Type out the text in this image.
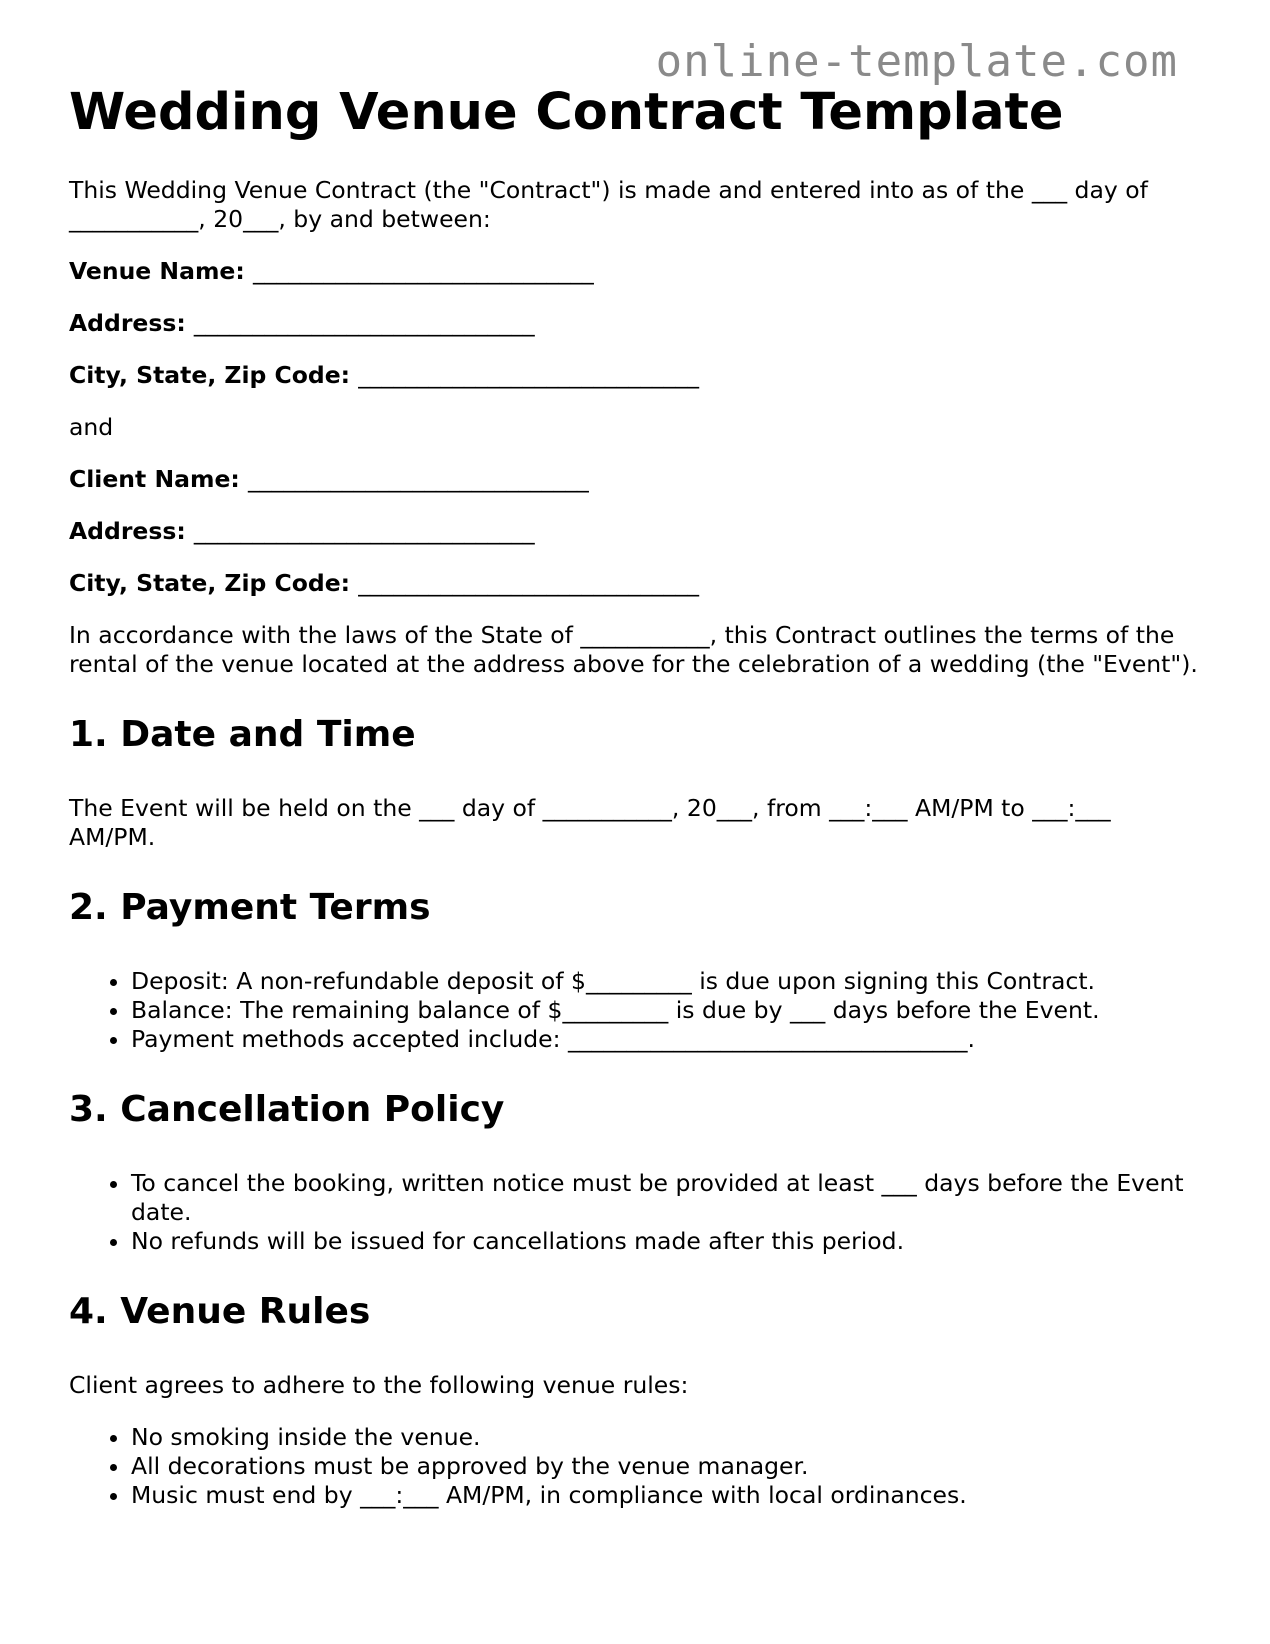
online-template.com
Wedding Venue Contract Template

This Wedding Venue Contract (the "Contract") is made and entered into as of the ___ day of ___________, 20___, by and between:

Venue Name: _____________________________

Address: _____________________________

City, State, Zip Code: _____________________________

and

Client Name: _____________________________

Address: _____________________________

City, State, Zip Code: _____________________________

In accordance with the laws of the State of ___________, this Contract outlines the terms of the rental of the venue located at the address above for the celebration of a wedding (the "Event").

1. Date and Time

The Event will be held on the ___ day of ___________, 20___, from ___:___ AM/PM to ___:___ AM/PM.

2. Payment Terms
• Deposit: A non-refundable deposit of $_________ is due upon signing this Contract.
• Balance: The remaining balance of $_________ is due by ___ days before the Event.
• Payment methods accepted include: __________________________________.
3. Cancellation Policy
• To cancel the booking, written notice must be provided at least ___ days before the Event date.
• No refunds will be issued for cancellations made after this period.
4. Venue Rules

Client agrees to adhere to the following venue rules:

• No smoking inside the venue.
• All decorations must be approved by the venue manager.
• Music must end by ___:___ AM/PM, in compliance with local ordinances.
